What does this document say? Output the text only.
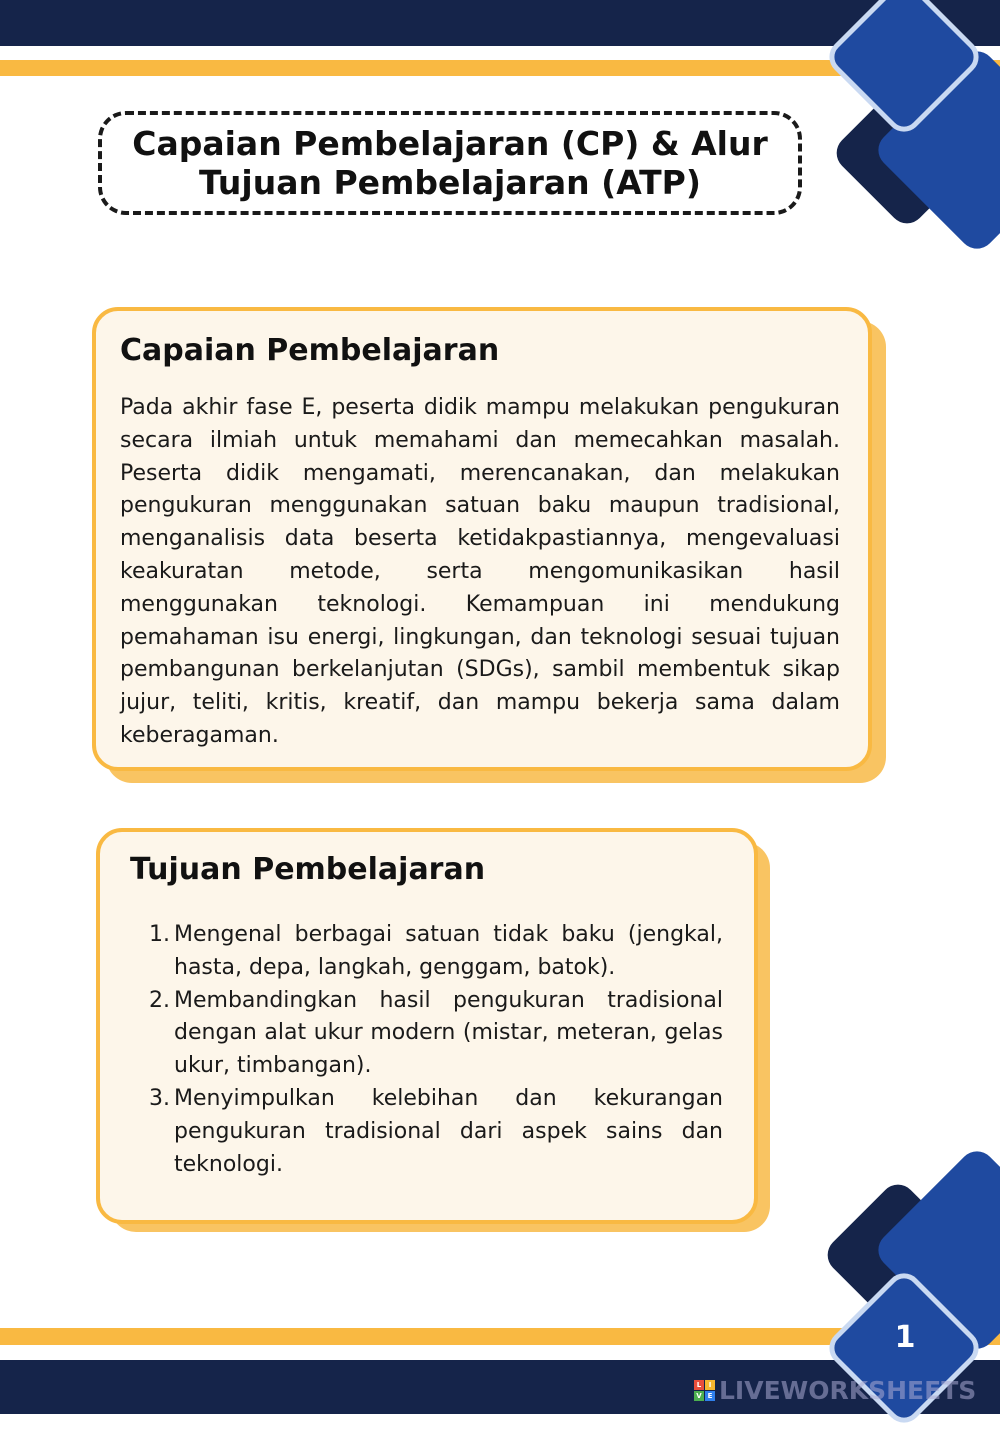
Capaian Pembelajaran (CP) & Alur
Tujuan Pembelajaran (ATP)
Capaian Pembelajaran

Pada akhir fase E, peserta didik mampu melakukan pengukuran secara ilmiah untuk memahami dan memecahkan masalah. Peserta didik mengamati, merencanakan, dan melakukan pengukuran menggunakan satuan baku maupun tradisional, menganalisis data beserta ketidakpastiannya, mengevaluasi keakuratan metode, serta mengomunikasikan hasil menggunakan teknologi. Kemampuan ini mendukung pemahaman isu energi, lingkungan, dan teknologi sesuai tujuan pembangunan berkelanjutan (SDGs), sambil membentuk sikap jujur, teliti, kritis, kreatif, dan mampu bekerja sama dalam keberagaman.

Tujuan Pembelajaran
1. Mengenal berbagai satuan tidak baku (jengkal, hasta, depa, langkah, genggam, batok).
2. Membandingkan hasil pengukuran tradisional dengan alat ukur modern (mistar, meteran, gelas ukur, timbangan).
3. Menyimpulkan kelebihan dan kekurangan pengukuran tradisional dari aspek sains dan teknologi.
1
L	I
V E LIVEWORKSHEETS
